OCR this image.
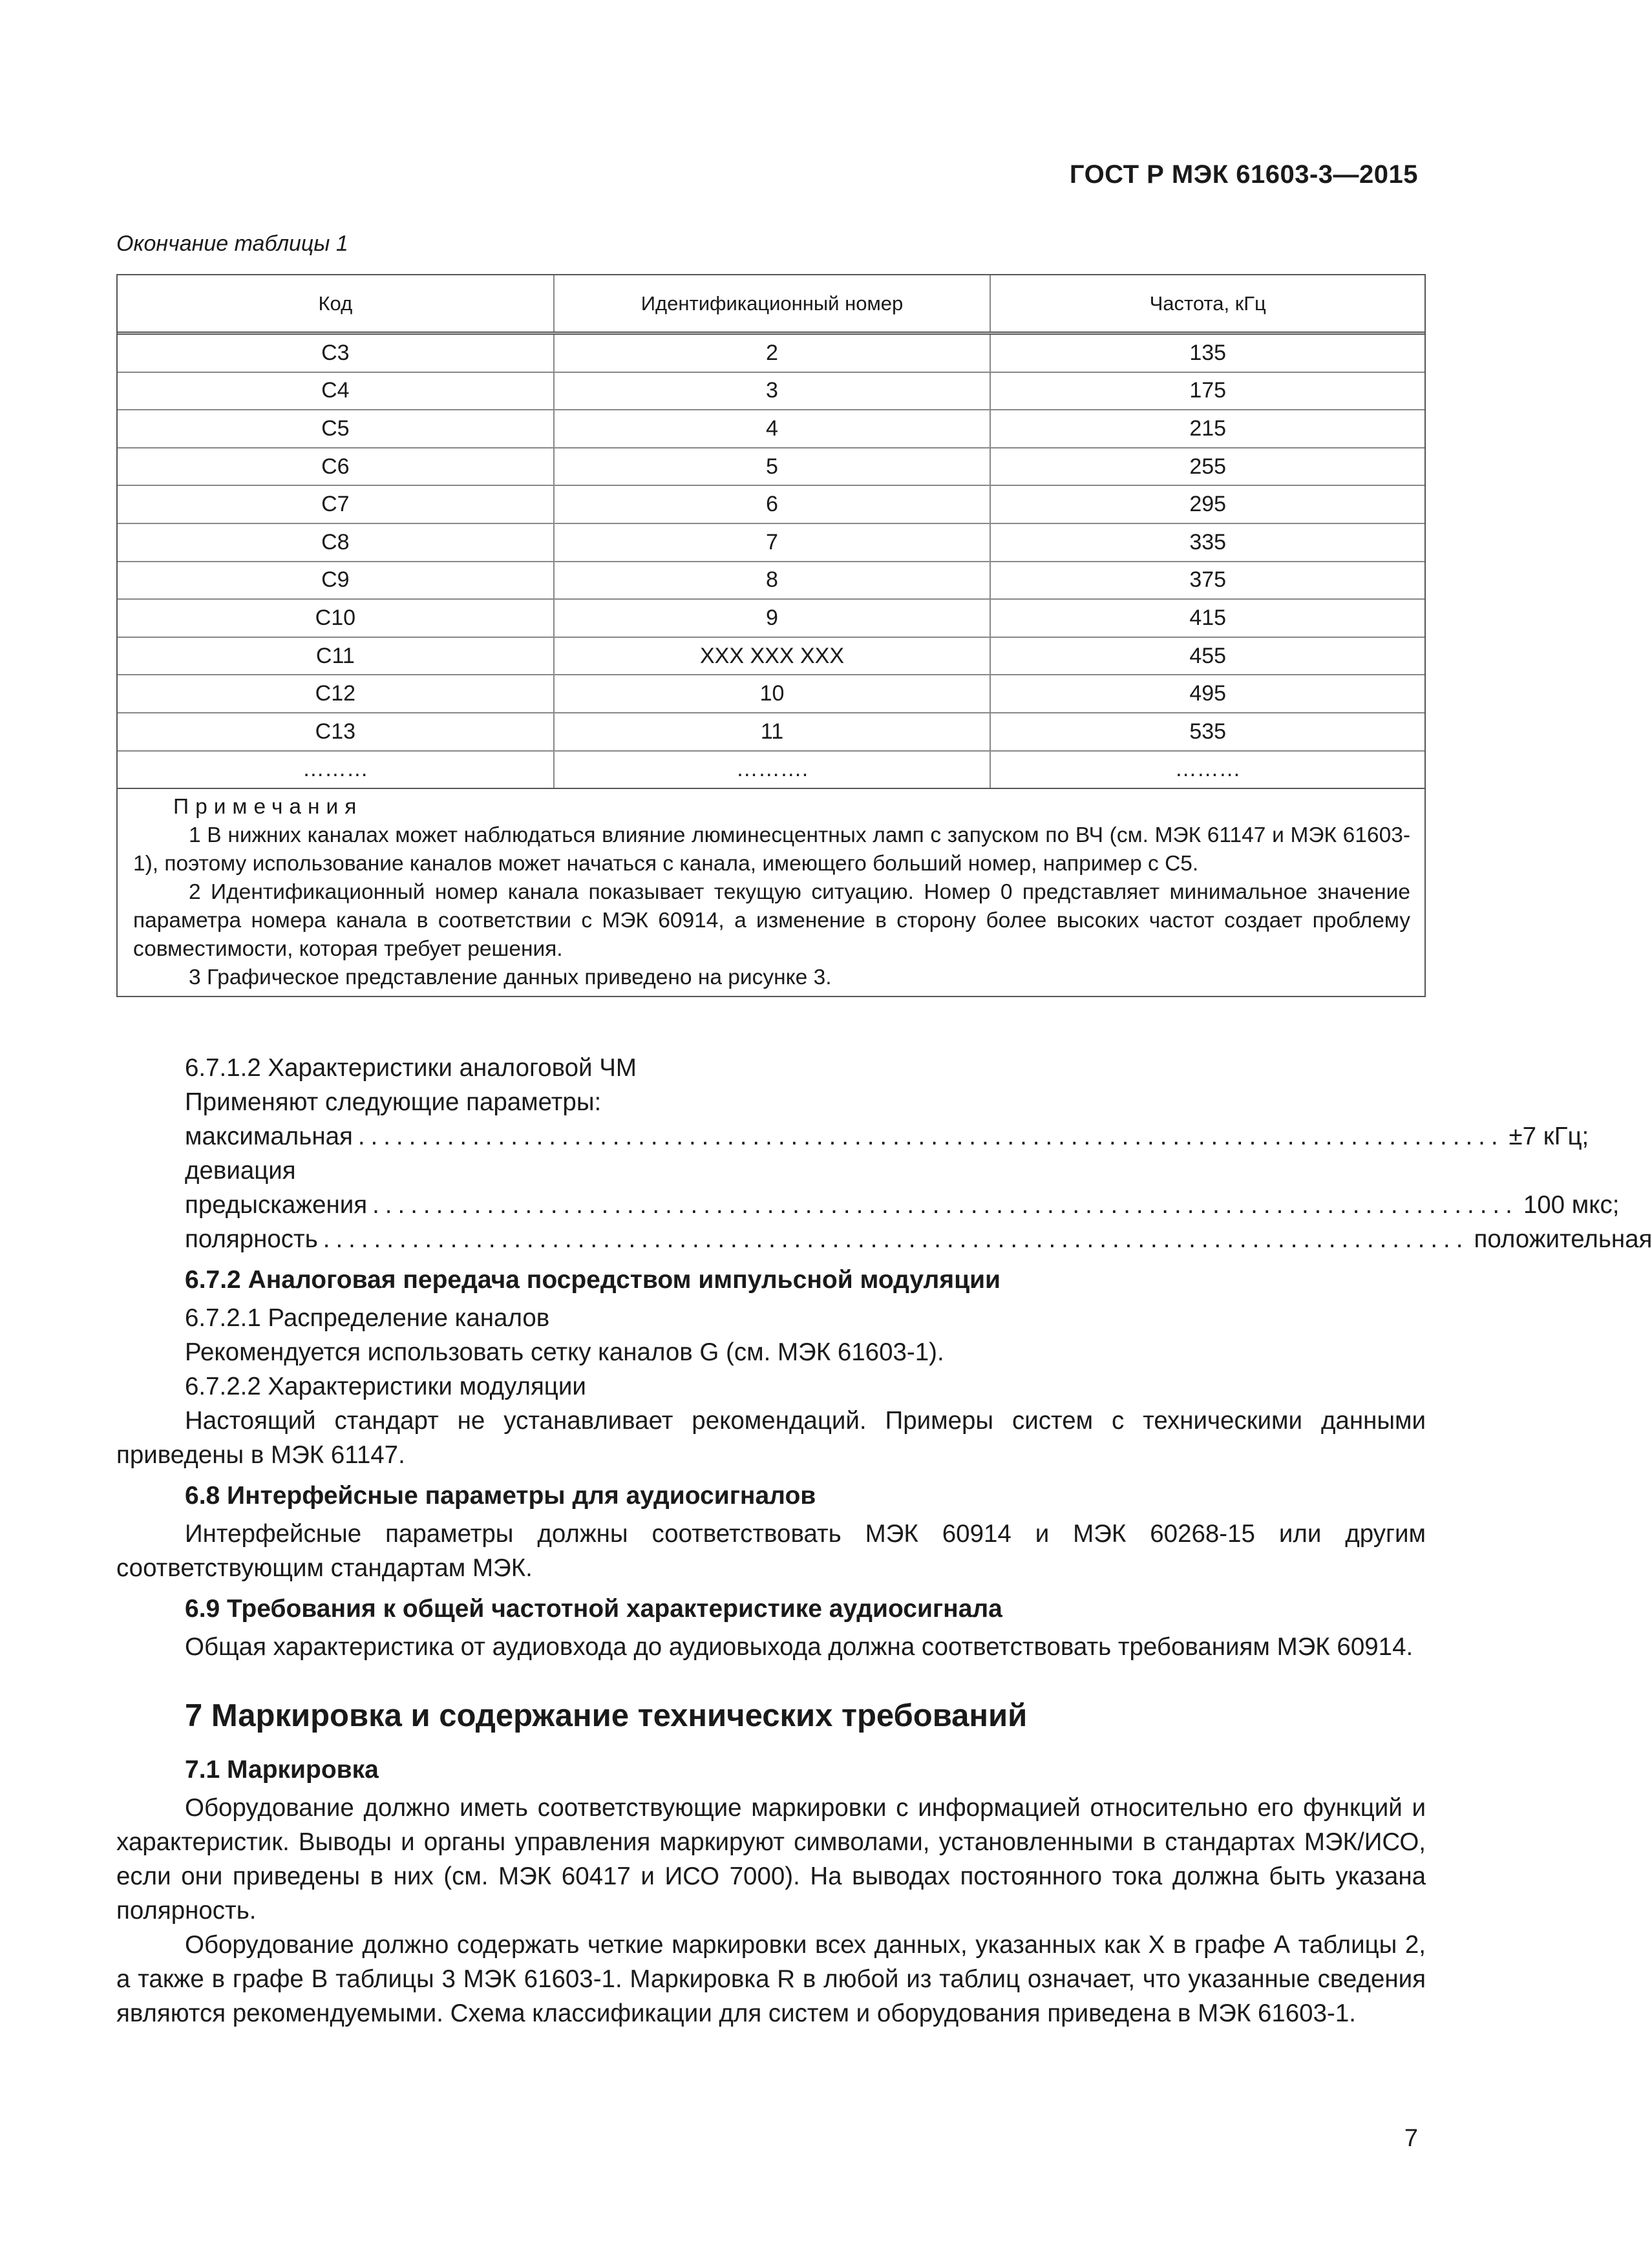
ГОСТ Р МЭК 61603-3—2015
Окончание таблицы 1
Код	Идентификационный номер	Частота, кГц
C3	2	135
C4	3	175
C5	4	215
C6	5	255
C7	6	295
C8	7	335
C9	8	375
C10	9	415
C11	XXX XXX XXX	455
C12	10	495
C13	11	535
………	……….	………
Примечания

1 В нижних каналах может наблюдаться влияние люминесцентных ламп с запуском по ВЧ (см. МЭК 61147 и МЭК 61603-1), поэтому использование каналов может начаться с канала, имеющего больший номер, например с С5.

2 Идентификационный номер канала показывает текущую ситуацию. Номер 0 представляет минимальное значение параметра номера канала в соответствии с МЭК 60914, а изменение в сторону более высоких частот создает проблему совместимости, которая требует решения.

3 Графическое представление данных приведено на рисунке 3.

6.7.1.2 Характеристики аналоговой ЧМ
Применяют следующие параметры:
максимальная девиация
.......................................................................................... ±7 кГц;
предыскажения .......................................................................................... 100 мкс;
полярность .......................................................................................... положительная
6.7.2 Аналоговая передача посредством импульсной модуляции
6.7.2.1 Распределение каналов
Рекомендуется использовать сетку каналов G (см. МЭК 61603-1).
6.7.2.2 Характеристики модуляции

Настоящий стандарт не устанавливает рекомендаций. Примеры систем с техническими данными приведены в МЭК 61147.

6.8 Интерфейсные параметры для аудиосигналов

Интерфейсные параметры должны соответствовать МЭК 60914 и МЭК 60268-15 или другим соответствующим стандартам МЭК.

6.9 Требования к общей частотной характеристике аудиосигнала

Общая характеристика от аудиовхода до аудиовыхода должна соответствовать требованиям МЭК 60914.

7 Маркировка и содержание технических требований
7.1 Маркировка

Оборудование должно иметь соответствующие маркировки с информацией относительно его функций и характеристик. Выводы и органы управления маркируют символами, установленными в стандартах МЭК/ИСО, если они приведены в них (см. МЭК 60417 и ИСО 7000). На выводах постоянного тока должна быть указана полярность.

Оборудование должно содержать четкие маркировки всех данных, указанных как X в графе А таблицы 2, а также в графе В таблицы 3 МЭК 61603-1. Маркировка R в любой из таблиц означает, что указанные сведения являются рекомендуемыми. Схема классификации для систем и оборудования приведена в МЭК 61603-1.

7
